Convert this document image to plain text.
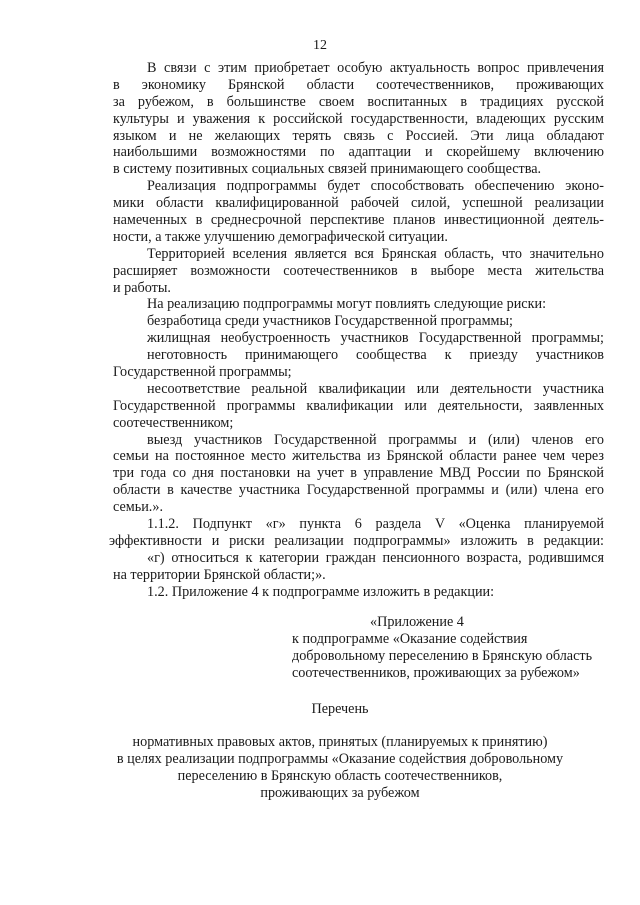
12
В связи с этим приобретает особую актуальность вопрос привлечения
в экономику Брянской области соотечественников, проживающих
за рубежом, в большинстве своем воспитанных в традициях русской
культуры и уважения к российской государственности, владеющих русским
языком и не желающих терять связь с Россией. Эти лица обладают
наибольшими возможностями по адаптации и скорейшему включению
в систему позитивных социальных связей принимающего сообщества.
Реализация подпрограммы будет способствовать обеспечению эконо-
мики области квалифицированной рабочей силой, успешной реализации
намеченных в среднесрочной перспективе планов инвестиционной деятель-
ности, а также улучшению демографической ситуации.
Территорией вселения является вся Брянская область, что значительно
расширяет возможности соотечественников в выборе места жительства
и работы.
На реализацию подпрограммы могут повлиять следующие риски:
безработица среди участников Государственной программы;
жилищная необустроенность участников Государственной программы;
неготовность принимающего сообщества к приезду участников
Государственной программы;
несоответствие реальной квалификации или деятельности участника
Государственной программы квалификации или деятельности, заявленных
соотечественником;
выезд участников Государственной программы и (или) членов его
семьи на постоянное место жительства из Брянской области ранее чем через
три года со дня постановки на учет в управление МВД России по Брянской
области в качестве участника Государственной программы и (или) члена его
семьи.».
1.1.2. Подпункт «г» пункта 6 раздела V «Оценка планируемой
эффективности и риски реализации подпрограммы» изложить в редакции:
«г) относиться к категории граждан пенсионного возраста, родившимся
на территории Брянской области;».
1.2. Приложение 4 к подпрограмме изложить в редакции:
«Приложение 4
к подпрограмме «Оказание содействия
добровольному переселению в Брянскую область
соотечественников, проживающих за рубежом»
Перечень
нормативных правовых актов, принятых (планируемых к принятию)
в целях реализации подпрограммы «Оказание содействия добровольному
переселению в Брянскую область соотечественников,
проживающих за рубежом
